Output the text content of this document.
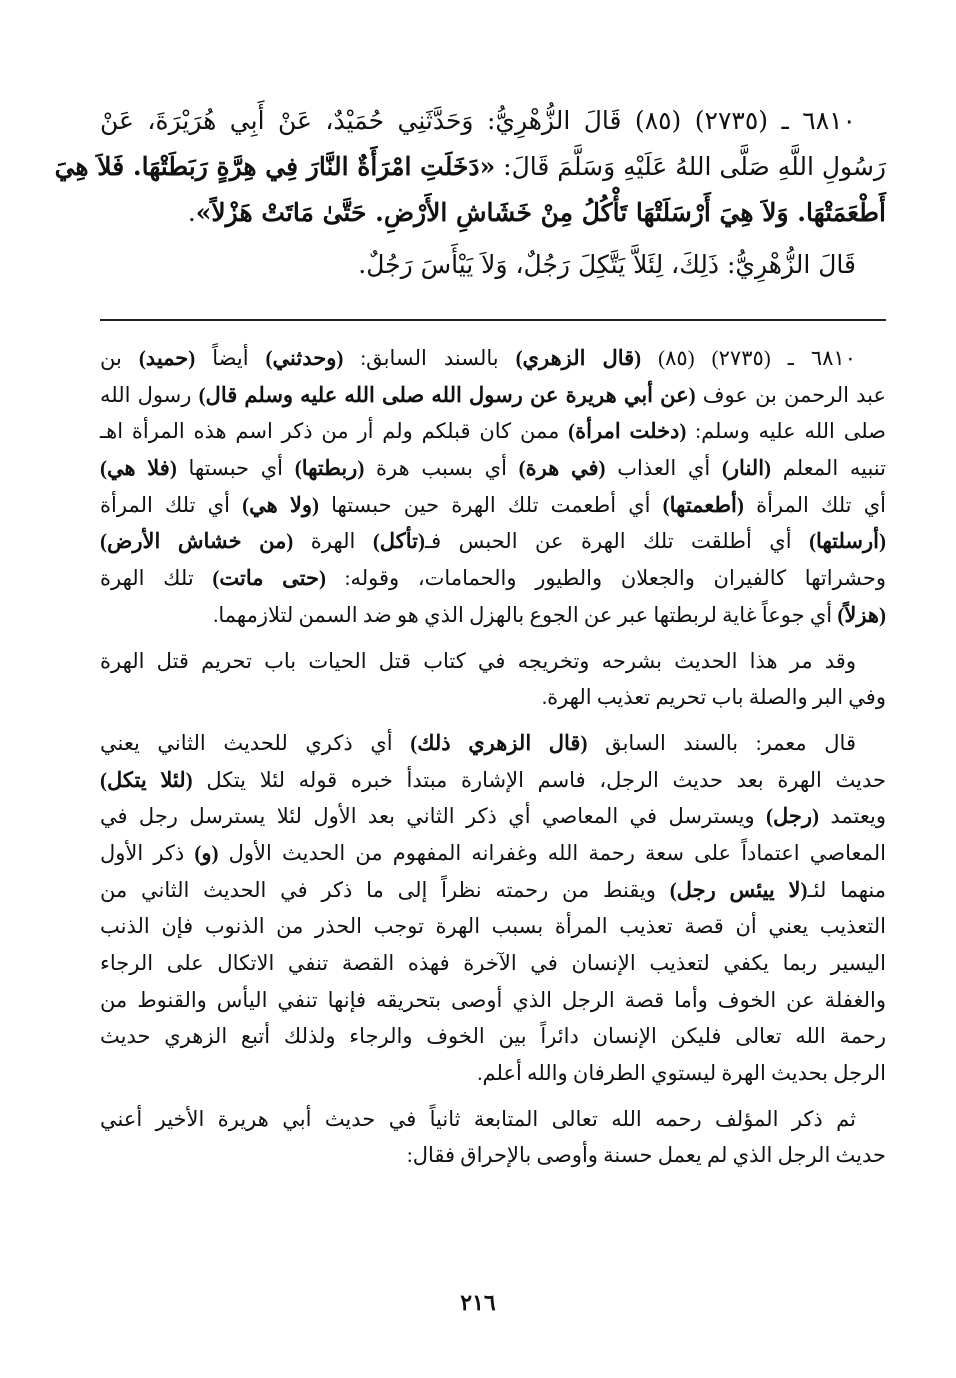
٦٨١٠ ـ (٢٧٣٥) (٨٥) قَالَ الزُّهْرِيُّ: وَحَدَّثَنِي حُمَيْدٌ، عَنْ أَبِي هُرَيْرَةَ، عَنْ
رَسُولِ اللَّهِ صَلَّى اللهُ عَلَيْهِ وَسَلَّمَ قَالَ: «دَخَلَتِ امْرَأَةٌ النَّارَ فِي هِرَّةٍ رَبَطَتْهَا. فَلاَ هِيَ
أَطْعَمَتْهَا. وَلاَ هِيَ أَرْسَلَتْهَا تَأْكُلُ مِنْ خَشَاشِ الأَرْضِ. حَتَّىٰ مَاتَتْ هَزْلاً».
قَالَ الزُّهْرِيُّ: ذَلِكَ، لِئَلاَّ يَتَّكِلَ رَجُلٌ، وَلاَ يَيْأَسَ رَجُلٌ.
٦٨١٠ ـ (٢٧٣٥) (٨٥) (قال الزهري) بالسند السابق: (وحدثني) أيضاً (حميد) بن
عبد الرحمن بن عوف (عن أبي هريرة عن رسول الله صلى الله عليه وسلم قال) رسول الله
صلى الله عليه وسلم: (دخلت امرأة) ممن كان قبلكم ولم أر من ذكر اسم هذه المرأة اهـ
تنبيه المعلم (النار) أي العذاب (في هرة) أي بسبب هرة (ربطتها) أي حبستها (فلا هي)
أي تلك المرأة (أطعمتها) أي أطعمت تلك الهرة حين حبستها (ولا هي) أي تلك المرأة
(أرسلتها) أي أطلقت تلك الهرة عن الحبس فـ(تأكل) الهرة (من خشاش الأرض)
وحشراتها كالفيران والجعلان والطيور والحمامات، وقوله: (حتى ماتت) تلك الهرة
(هزلاً) أي جوعاً غاية لربطتها عبر عن الجوع بالهزل الذي هو ضد السمن لتلازمهما.
وقد مر هذا الحديث بشرحه وتخريجه في كتاب قتل الحيات باب تحريم قتل الهرة
وفي البر والصلة باب تحريم تعذيب الهرة.
قال معمر: بالسند السابق (قال الزهري ذلك) أي ذكري للحديث الثاني يعني
حديث الهرة بعد حديث الرجل، فاسم الإشارة مبتدأ خبره قوله لئلا يتكل (لئلا يتكل)
ويعتمد (رجل) ويسترسل في المعاصي أي ذكر الثاني بعد الأول لئلا يسترسل رجل في
المعاصي اعتماداً على سعة رحمة الله وغفرانه المفهوم من الحديث الأول (و) ذكر الأول
منهما لئـ(لا ييئس رجل) ويقنط من رحمته نظراً إلى ما ذكر في الحديث الثاني من
التعذيب يعني أن قصة تعذيب المرأة بسبب الهرة توجب الحذر من الذنوب فإن الذنب
اليسير ربما يكفي لتعذيب الإنسان في الآخرة فهذه القصة تنفي الاتكال على الرجاء
والغفلة عن الخوف وأما قصة الرجل الذي أوصى بتحريقه فإنها تنفي اليأس والقنوط من
رحمة الله تعالى فليكن الإنسان دائراً بين الخوف والرجاء ولذلك أتبع الزهري حديث
الرجل بحديث الهرة ليستوي الطرفان والله أعلم.
ثم ذكر المؤلف رحمه الله تعالى المتابعة ثانياً في حديث أبي هريرة الأخير أعني
حديث الرجل الذي لم يعمل حسنة وأوصى بالإحراق فقال:
٢١٦
